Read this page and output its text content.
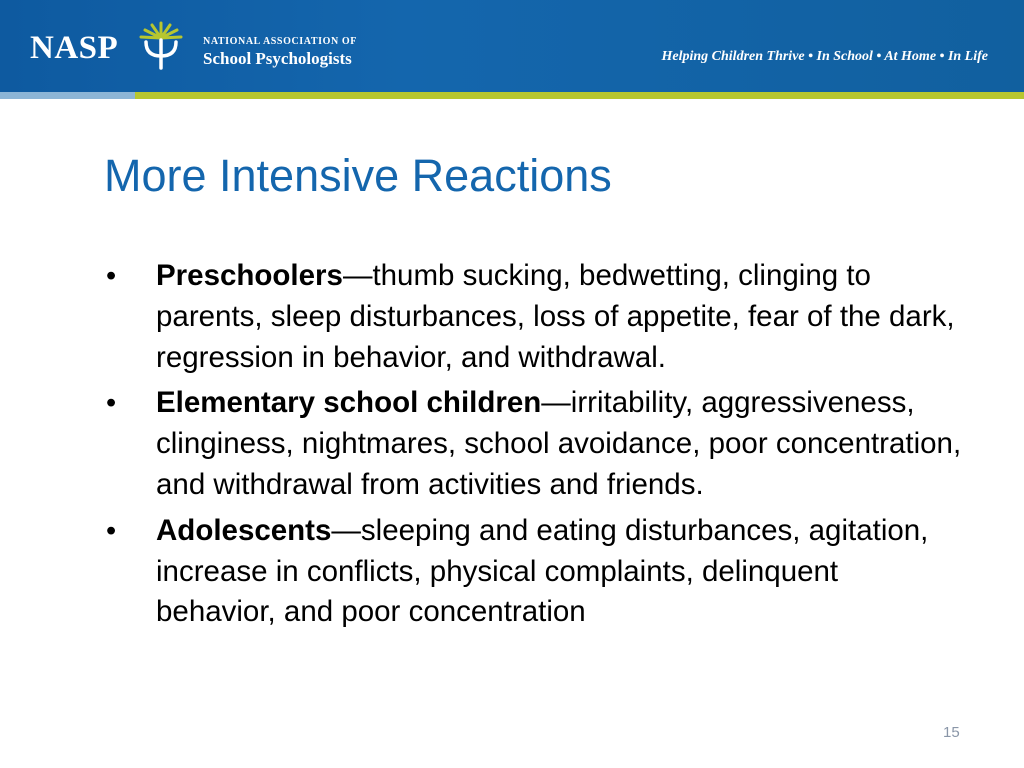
NASP	NATIONAL ASSOCIATION OF
School Psychologists	Helping Children Thrive • In School • At Home • In Life
More Intensive Reactions
• Preschoolers—thumb sucking, bedwetting, clinging to parents, sleep disturbances, loss of appetite, fear of the dark, regression in behavior, and withdrawal.
• Elementary school children—irritability, aggressiveness, clinginess, nightmares, school avoidance, poor concentration, and withdrawal from activities and friends.
• Adolescents—sleeping and eating disturbances, agitation, increase in conflicts, physical complaints, delinquent behavior, and poor concentration
15
